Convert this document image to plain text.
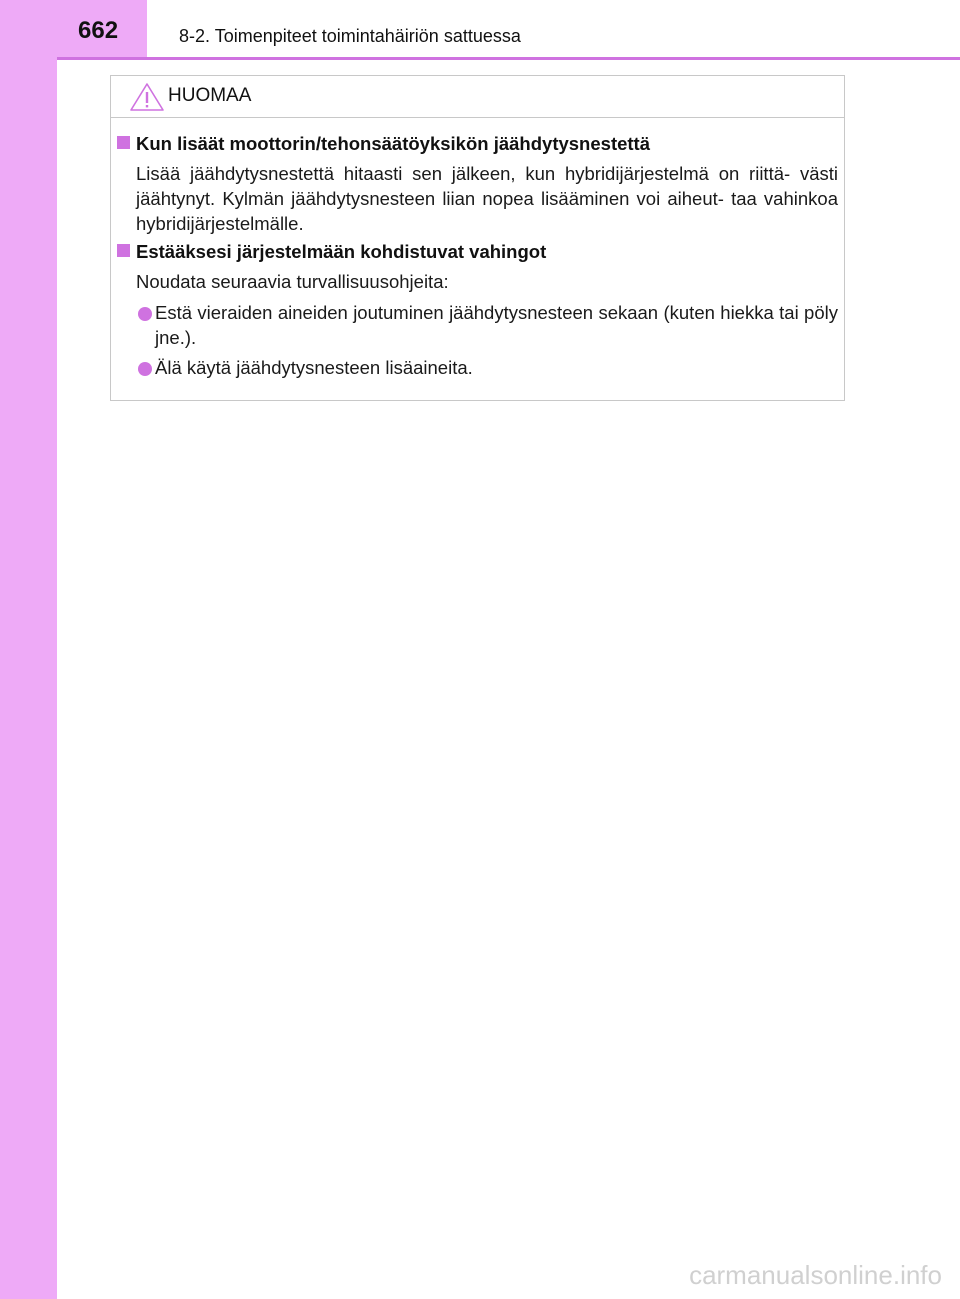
662	8-2. Toimenpiteet toimintahäiriön sattuessa
HUOMAA
Kun lisäät moottorin/tehonsäätöyksikön jäähdytysnestettä
Lisää jäähdytysnestettä hitaasti sen jälkeen, kun hybridijärjestelmä on riittä- västi jäähtynyt. Kylmän jäähdytysnesteen liian nopea lisääminen voi aiheut- taa vahinkoa hybridijärjestelmälle.
Estääksesi järjestelmään kohdistuvat vahingot
Noudata seuraavia turvallisuusohjeita:
Estä vieraiden aineiden joutuminen jäähdytysnesteen sekaan (kuten hiekka tai pöly jne.).
Älä käytä jäähdytysnesteen lisäaineita.
carmanualsonline.info
